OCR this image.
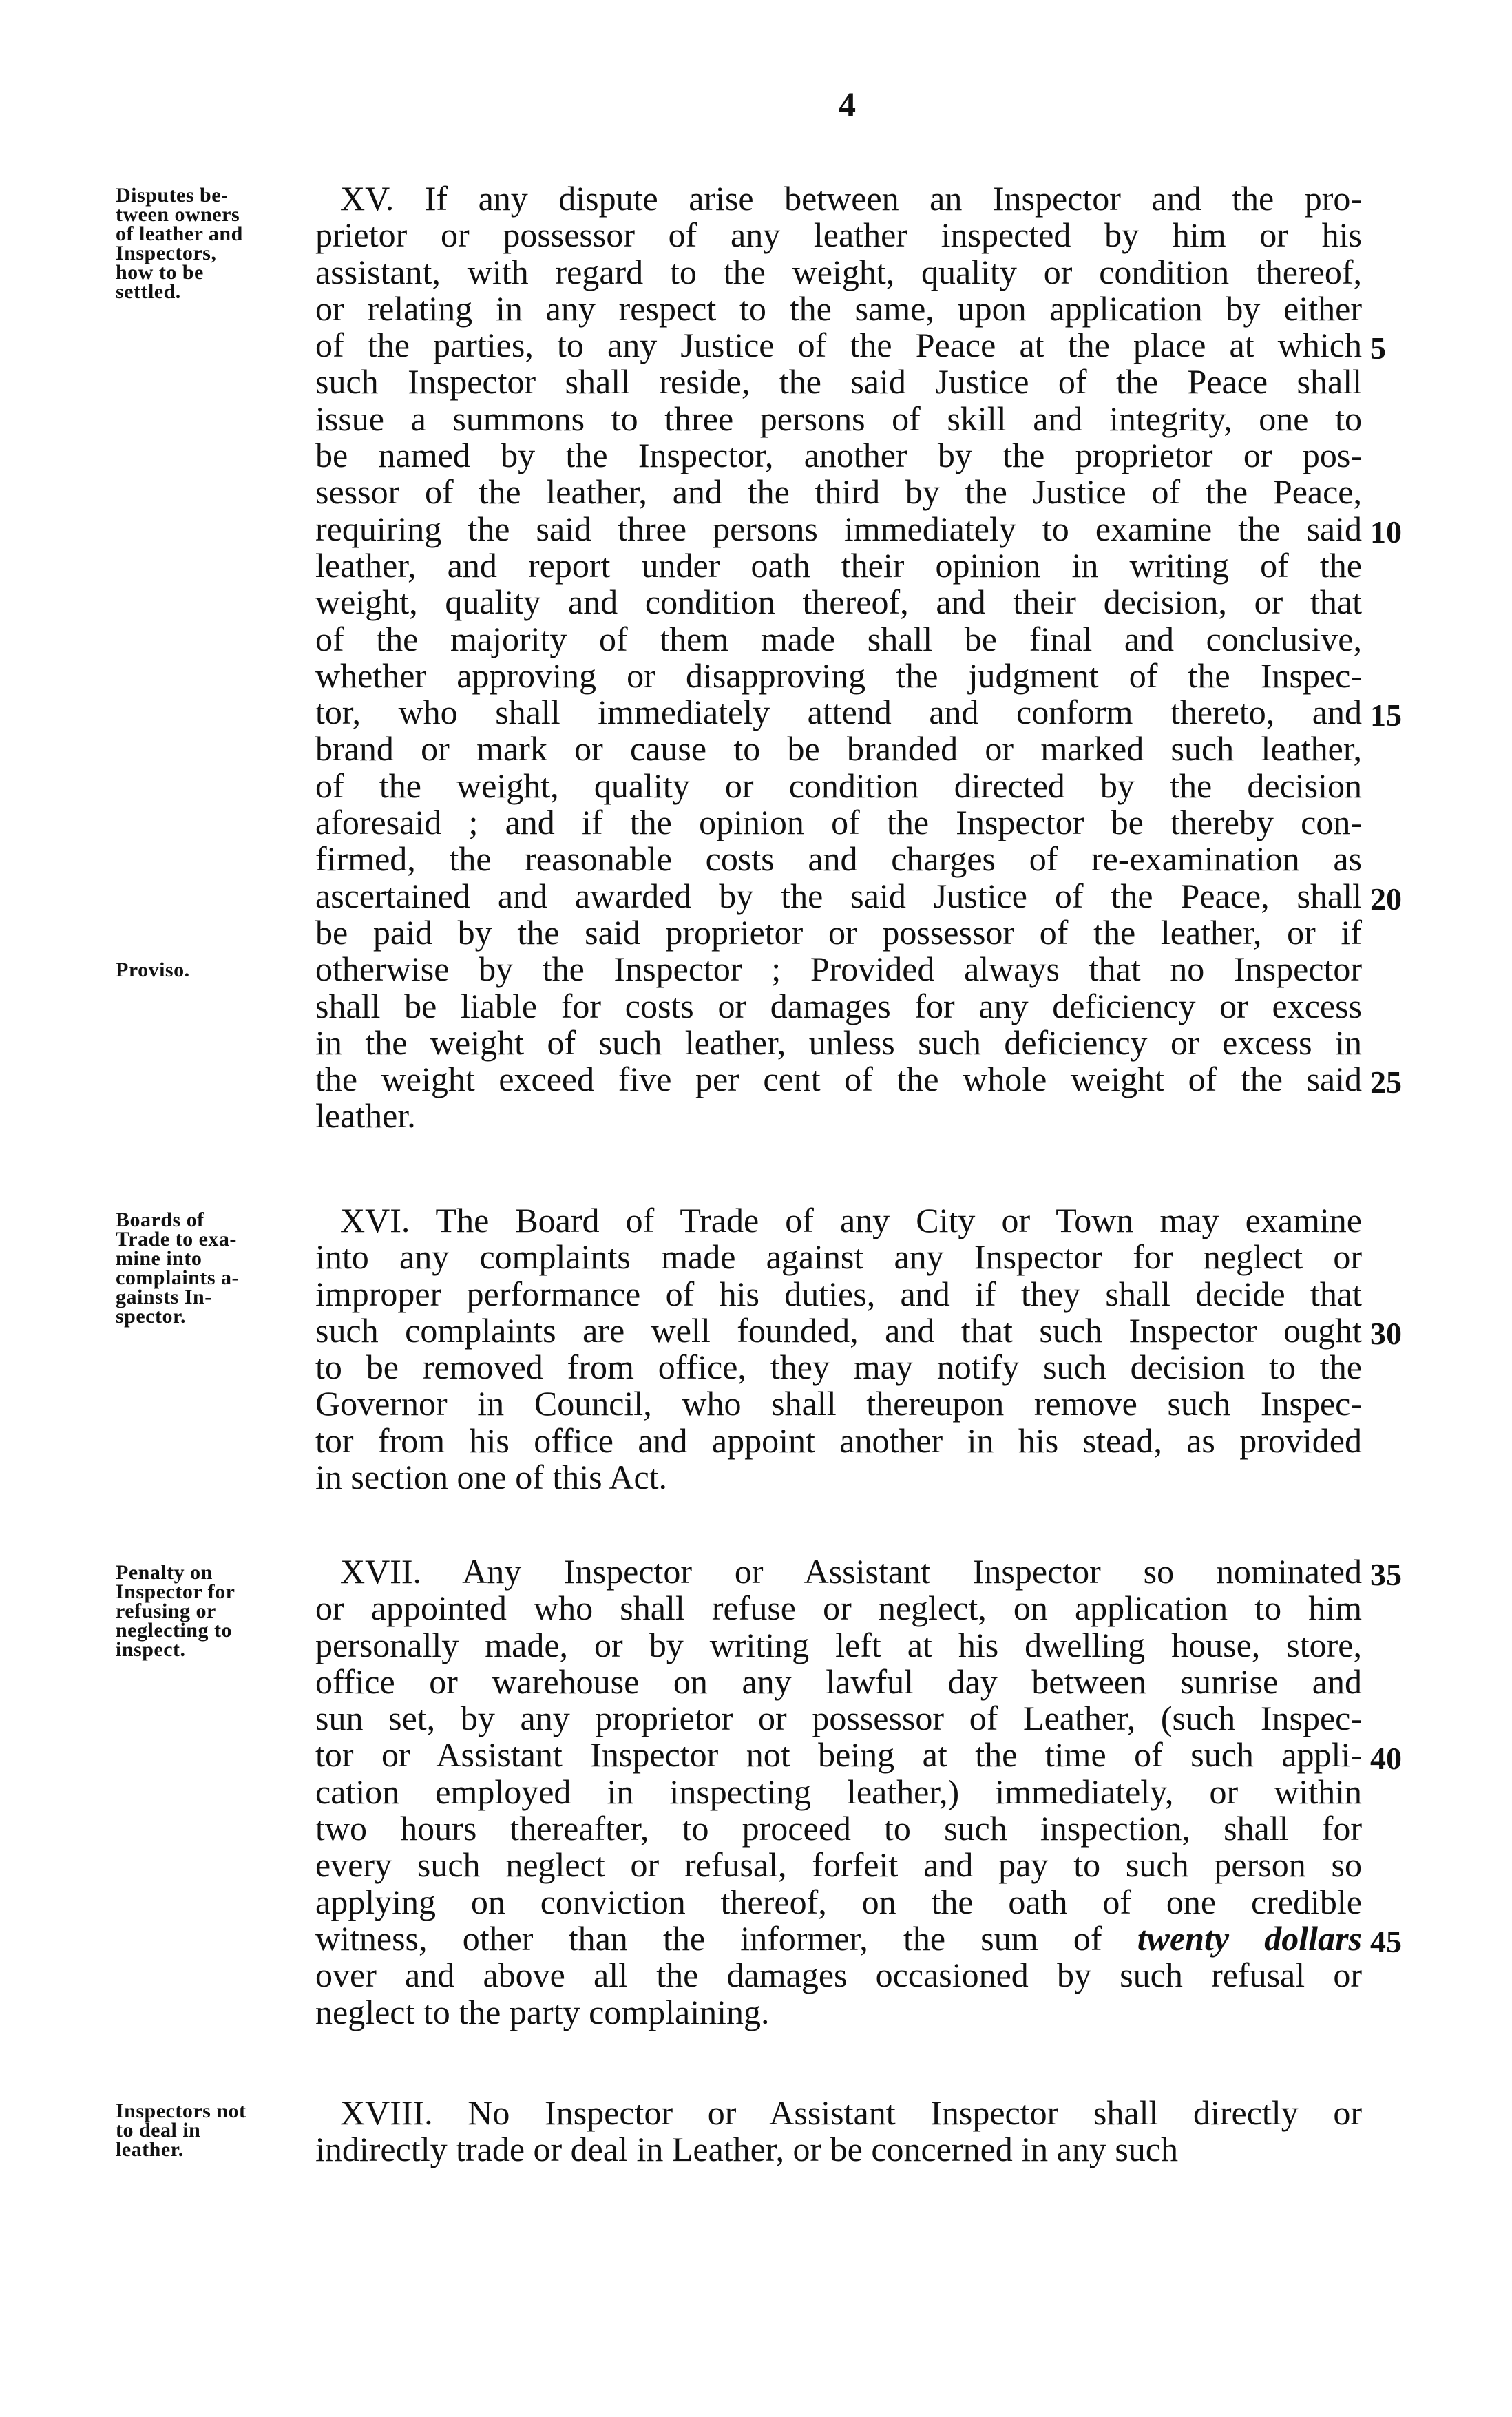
4
Disputes be-
tween owners
of leather and
Inspectors,
how to be
settled.
Proviso.
XV. If any dispute arise between an Inspector and the pro-
prietor or possessor of any leather inspected by him or his
assistant, with regard to the weight, quality or condition thereof,
or relating in any respect to the same, upon application by either
of the parties, to any Justice of the Peace at the place at which
such Inspector shall reside, the said Justice of the Peace shall
issue a summons to three persons of skill and integrity, one to
be named by the Inspector, another by the proprietor or pos-
sessor of the leather, and the third by the Justice of the Peace,
requiring the said three persons immediately to examine the said
leather, and report under oath their opinion in writing of the
weight, quality and condition thereof, and their decision, or that
of the majority of them made shall be final and conclusive,
whether approving or disapproving the judgment of the Inspec-
tor, who shall immediately attend and conform thereto, and
brand or mark or cause to be branded or marked such leather,
of the weight, quality or condition directed by the decision
aforesaid ; and if the opinion of the Inspector be thereby con-
firmed, the reasonable costs and charges of re-examination as
ascertained and awarded by the said Justice of the Peace, shall
be paid by the said proprietor or possessor of the leather, or if
otherwise by the Inspector ; Provided always that no Inspector
shall be liable for costs or damages for any deficiency or excess
in the weight of such leather, unless such deficiency or excess in
the weight exceed five per cent of the whole weight of the said
leather.
5
10
15
20
25
Boards of
Trade to exa-
mine into
complaints a-
gainsts In-
spector.
XVI. The Board of Trade of any City or Town may examine
into any complaints made against any Inspector for neglect or
improper performance of his duties, and if they shall decide that
such complaints are well founded, and that such Inspector ought
to be removed from office, they may notify such decision to the
Governor in Council, who shall thereupon remove such Inspec-
tor from his office and appoint another in his stead, as provided
in section one of this Act.
30
Penalty on
Inspector for
refusing or
neglecting to
inspect.
XVII. Any Inspector or Assistant Inspector so nominated
or appointed who shall refuse or neglect, on application to him
personally made, or by writing left at his dwelling house, store,
office or warehouse on any lawful day between sunrise and
sun set, by any proprietor or possessor of Leather, (such Inspec-
tor or Assistant Inspector not being at the time of such appli-
cation employed in inspecting leather,) immediately, or within
two hours thereafter, to proceed to such inspection, shall for
every such neglect or refusal, forfeit and pay to such person so
applying on conviction thereof, on the oath of one credible
witness, other than the informer, the sum of twenty dollars
over and above all the damages occasioned by such refusal or
neglect to the party complaining.
35
40
45
Inspectors not
to deal in
leather.
XVIII. No Inspector or Assistant Inspector shall directly or
indirectly trade or deal in Leather, or be concerned in any such
